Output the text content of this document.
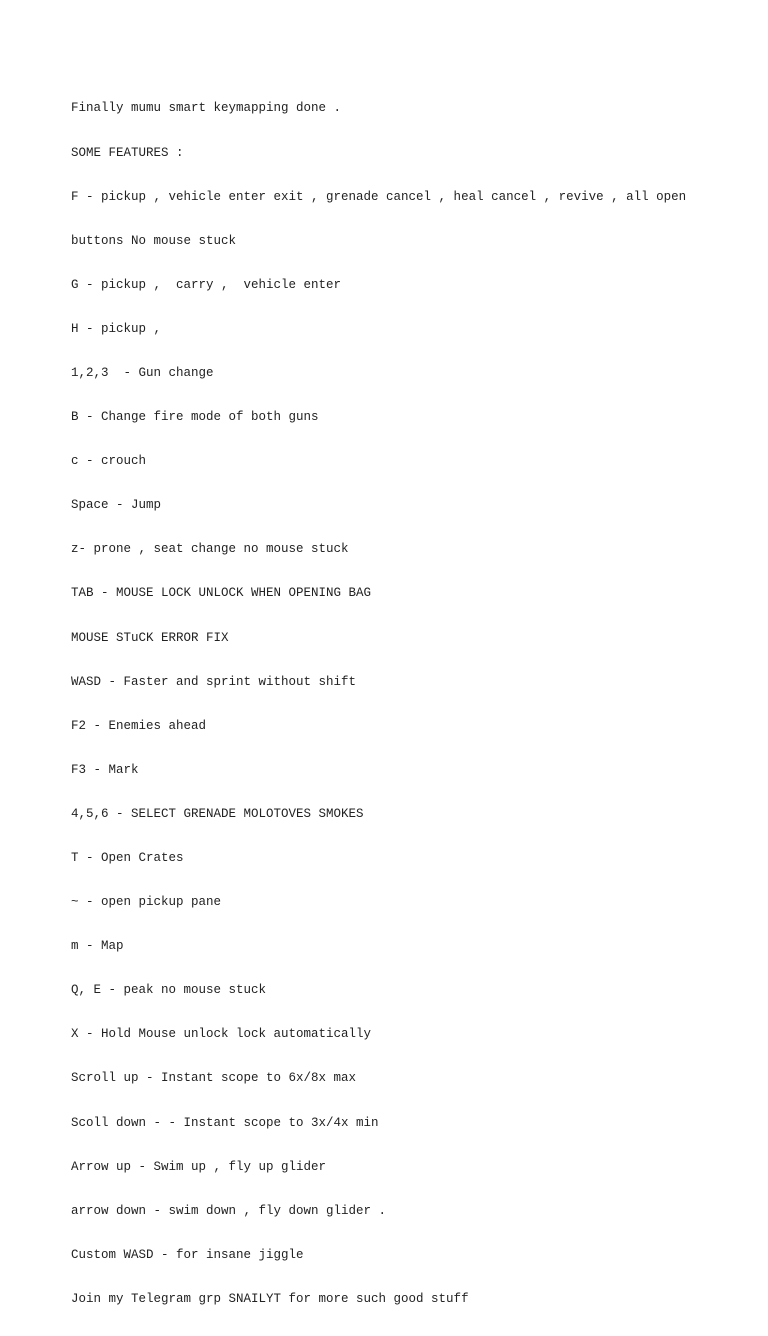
Finally mumu smart keymapping done .

SOME FEATURES :

F - pickup , vehicle enter exit , grenade cancel , heal cancel , revive , all open

buttons No mouse stuck

G - pickup ,  carry ,  vehicle enter

H - pickup ,

1,2,3  - Gun change

B - Change fire mode of both guns

c - crouch

Space - Jump

z- prone , seat change no mouse stuck

TAB - MOUSE LOCK UNLOCK WHEN OPENING BAG

MOUSE STuCK ERROR FIX

WASD - Faster and sprint without shift

F2 - Enemies ahead

F3 - Mark

4,5,6 - SELECT GRENADE MOLOTOVES SMOKES

T - Open Crates

~ - open pickup pane

m - Map

Q, E - peak no mouse stuck

X - Hold Mouse unlock lock automatically

Scroll up - Instant scope to 6x/8x max

Scoll down - - Instant scope to 3x/4x min

Arrow up - Swim up , fly up glider

arrow down - swim down , fly down glider .

Custom WASD - for insane jiggle

Join my Telegram grp SNAILYT for more such good stuff
